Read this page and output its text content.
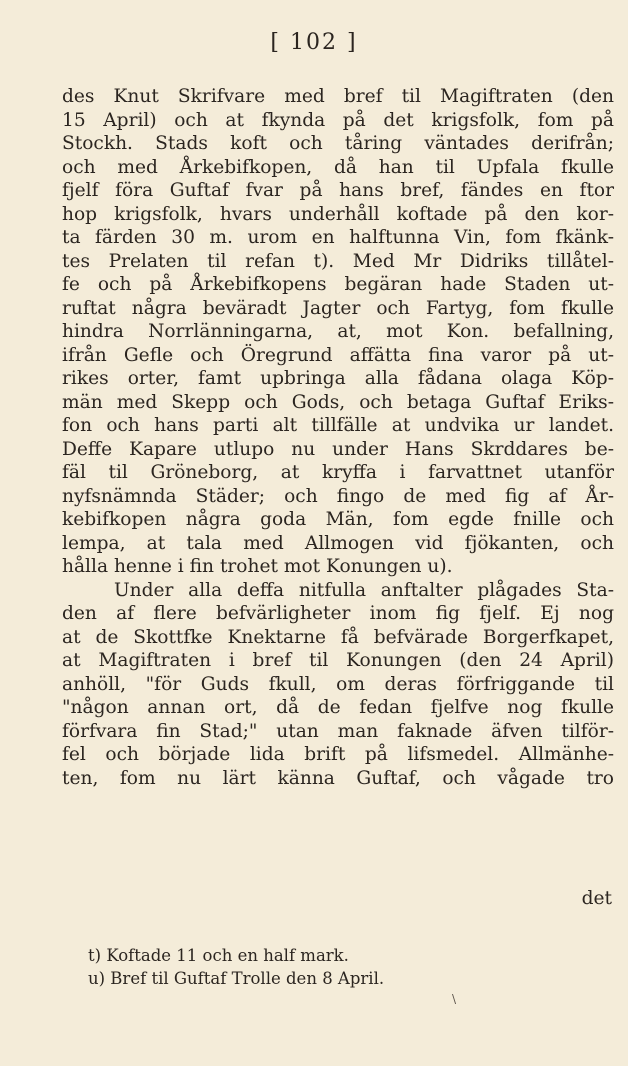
[ 102 ]
des Knut Skrifvare med bref til Magiftraten (den
15 April) och at fkynda på det krigsfolk, fom på
Stockh. Stads koft och tåring väntades derifrån;
och med Årkebifkopen, då han til Upfala fkulle
fjelf föra Guftaf fvar på hans bref, fändes en ftor
hop krigsfolk, hvars underhåll koftade på den kor-
ta färden 30 m. urom en halftunna Vin, fom fkänk-
tes Prelaten til refan t). Med Mr Didriks tillåtel-
fe och på Årkebifkopens begäran hade Staden ut-
ruftat några beväradt Jagter och Fartyg, fom fkulle
hindra Norrlänningarna, at, mot Kon. befallning,
ifrån Gefle och Öregrund affätta fina varor på ut-
rikes orter, famt upbringa alla fådana olaga Köp-
män med Skepp och Gods, och betaga Guftaf Eriks-
fon och hans parti alt tillfälle at undvika ur landet.
Deffe Kapare utlupo nu under Hans Skrddares be-
fäl til Gröneborg, at kryffa i farvattnet utanför
nyfsnämnda Städer; och fingo de med fig af År-
kebifkopen några goda Män, fom egde fnille och
lempa, at tala med Allmogen vid fjökanten, och
hålla henne i fin trohet mot Konungen u).
Under alla deffa nitfulla anftalter plågades Sta-
den af flere befvärligheter inom fig fjelf. Ej nog
at de Skottfke Knektarne få befvärade Borgerfkapet,
at Magiftraten i bref til Konungen (den 24 April)
anhöll, "för Guds fkull, om deras förfriggande til
"någon annan ort, då de fedan fjelfve nog fkulle
förfvara fin Stad;" utan man faknade äfven tilför-
fel och började lida brift på lifsmedel. Allmänhe-
ten, fom nu lärt känna Guftaf, och vågade tro
det
t) Koftade 11 och en half mark.
u) Bref til Guftaf Trolle den 8 April.
\
